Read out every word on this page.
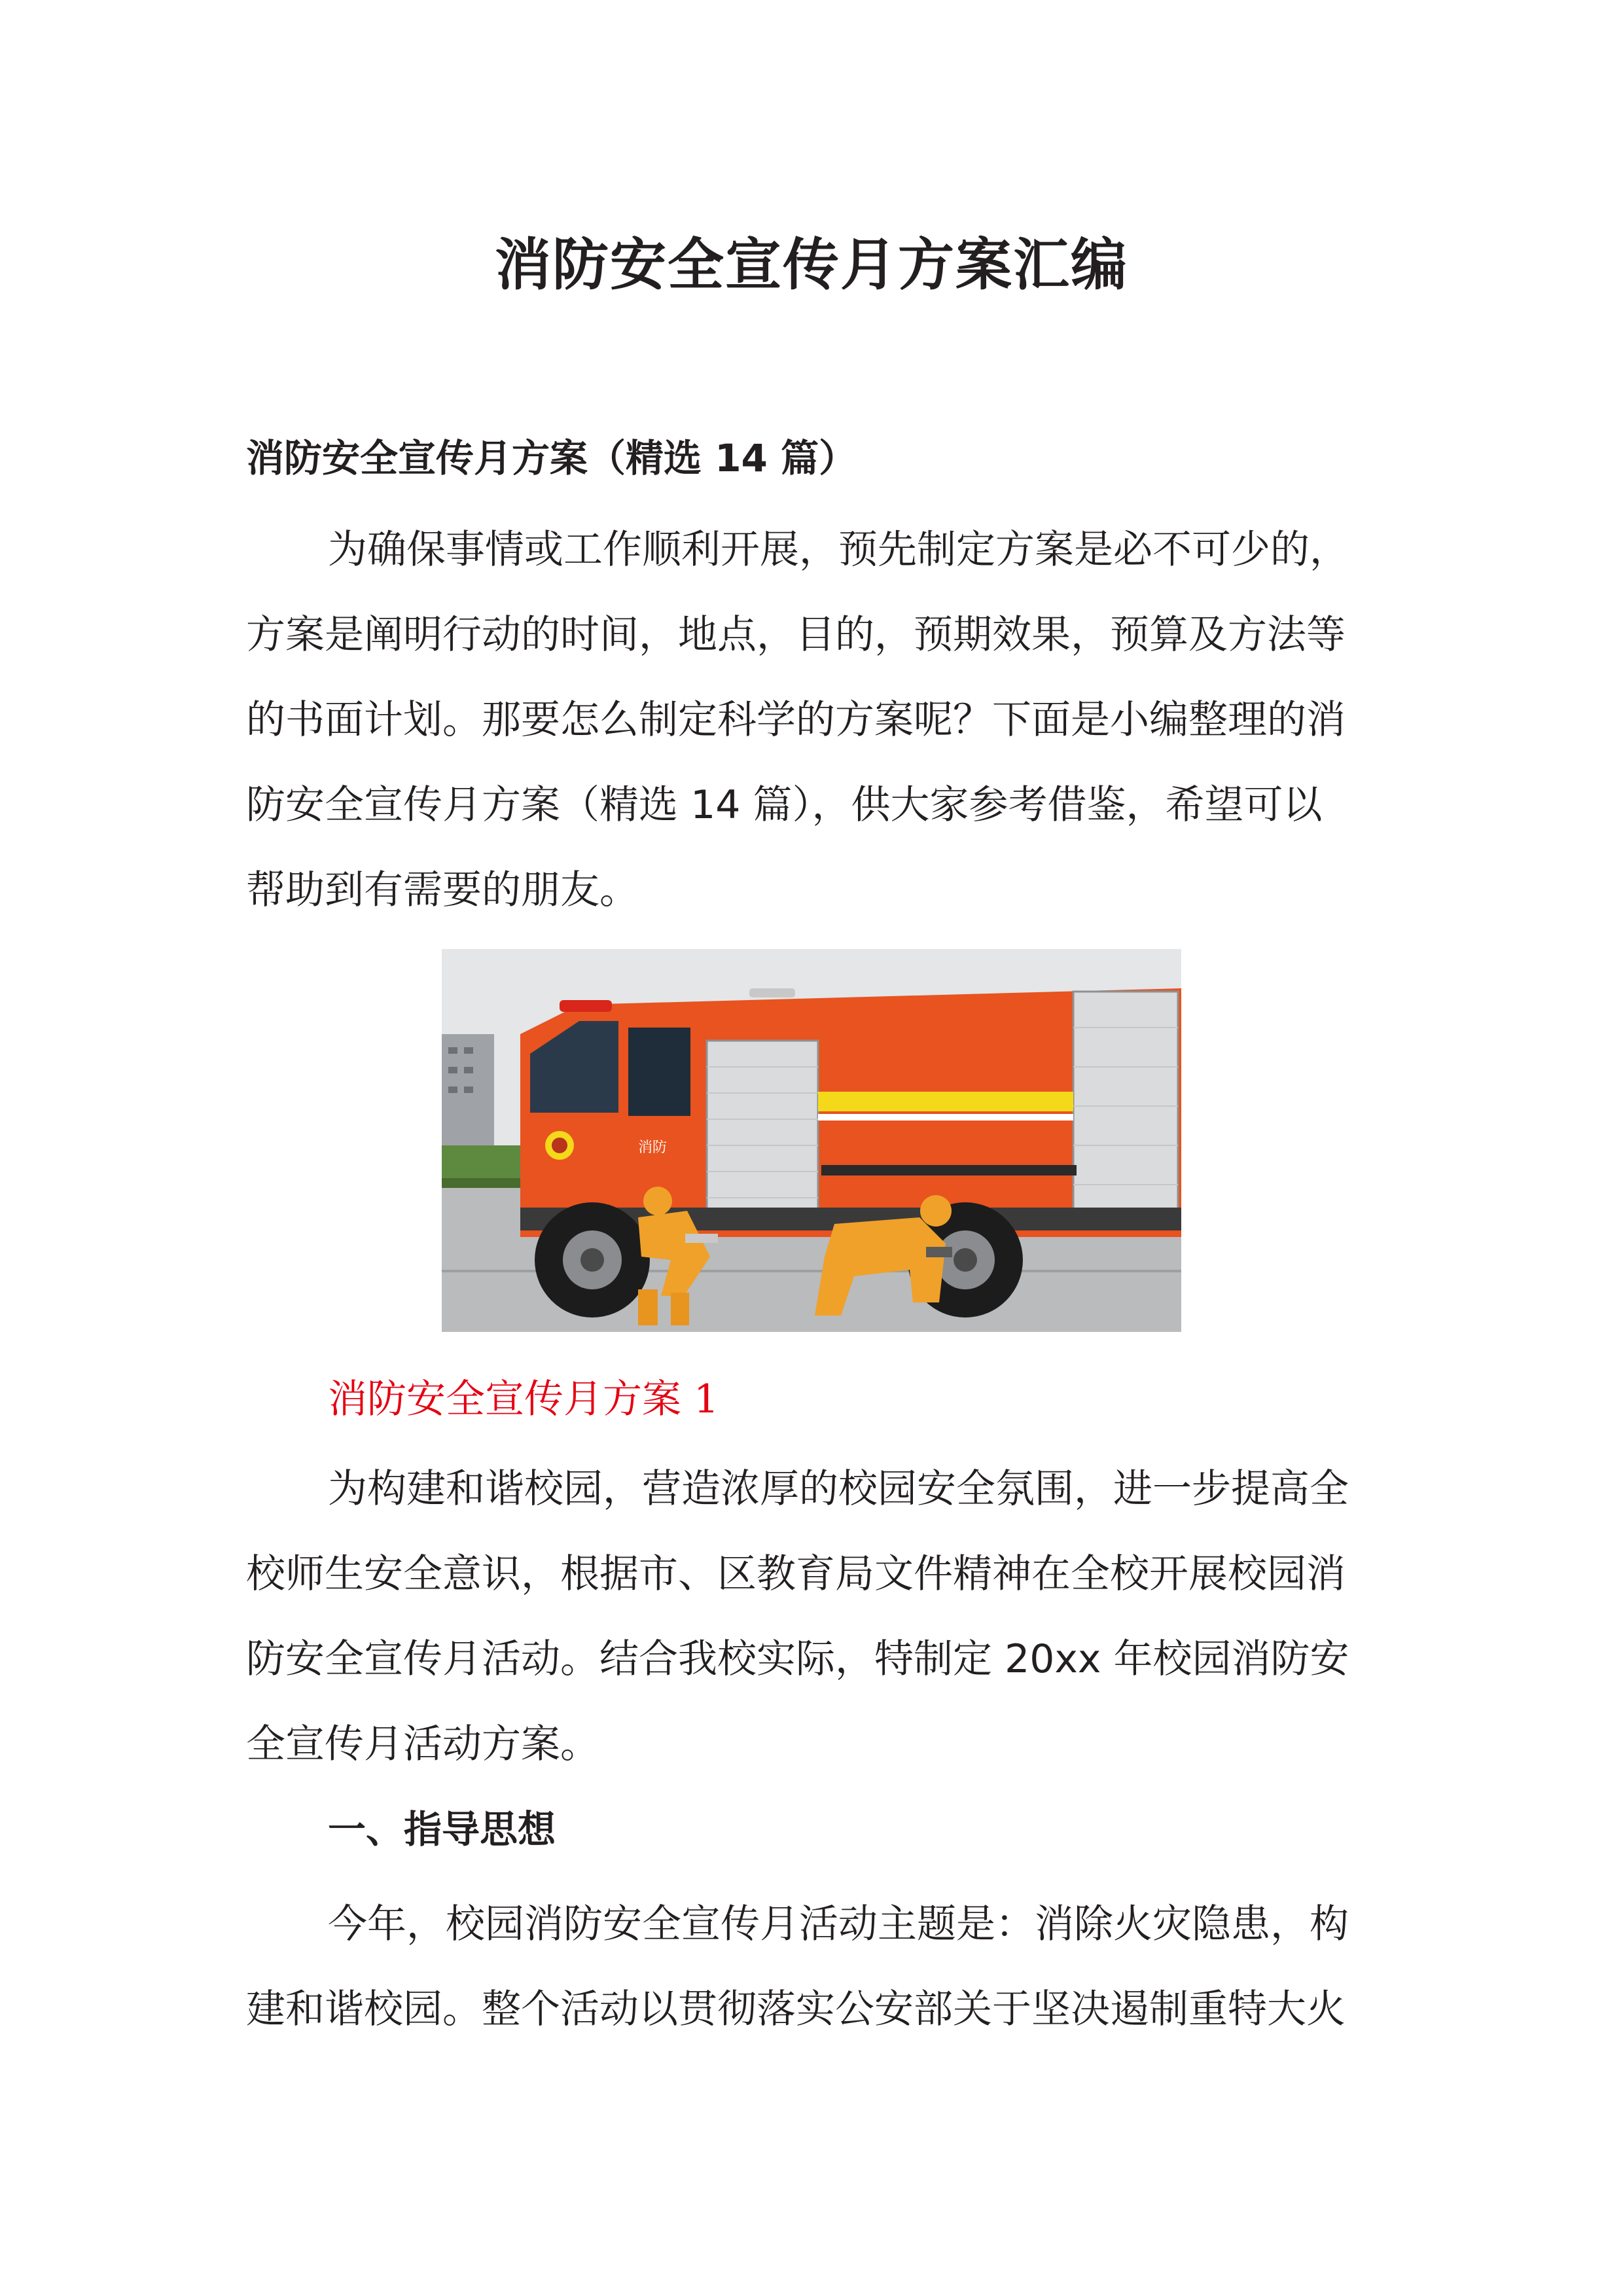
消防安全宣传月方案汇编
消防安全宣传月方案（精选 14 篇）
为确保事情或工作顺利开展，预先制定方案是必不可少的，
方案是阐明行动的时间，地点，目的，预期效果，预算及方法等
的书面计划。那要怎么制定科学的方案呢？下面是小编整理的消
防安全宣传月方案（精选 14 篇），供大家参考借鉴，希望可以
帮助到有需要的朋友。
消防
消防安全宣传月方案 1
为构建和谐校园，营造浓厚的校园安全氛围，进一步提高全
校师生安全意识，根据市、区教育局文件精神在全校开展校园消
防安全宣传月活动。结合我校实际，特制定 20xx 年校园消防安
全宣传月活动方案。
一、指导思想
今年，校园消防安全宣传月活动主题是：消除火灾隐患，构
建和谐校园。整个活动以贯彻落实公安部关于坚决遏制重特大火
